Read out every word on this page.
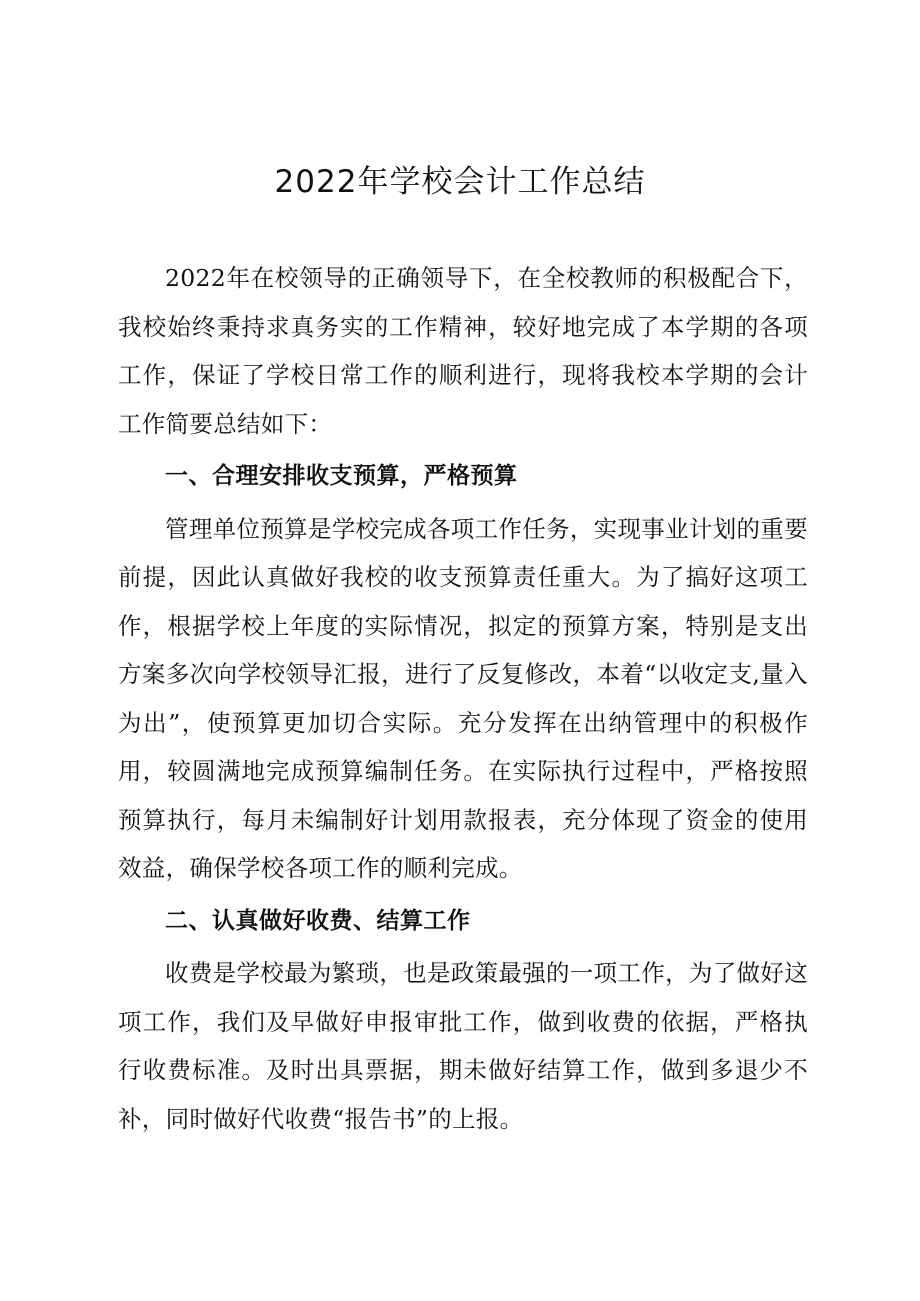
2022年学校会计工作总结

2022年在校领导的正确领导下，在全校教师的积极配合下，我校始终秉持求真务实的工作精神，较好地完成了本学期的各项工作，保证了学校日常工作的顺利进行，现将我校本学期的会计工作简要总结如下：

一、合理安排收支预算，严格预算

管理单位预算是学校完成各项工作任务，实现事业计划的重要前提，因此认真做好我校的收支预算责任重大。为了搞好这项工作，根据学校上年度的实际情况，拟定的预算方案，特别是支出方案多次向学校领导汇报，进行了反复修改，本着“以收定支,量入为出”，使预算更加切合实际。充分发挥在出纳管理中的积极作用，较圆满地完成预算编制任务。在实际执行过程中，严格按照预算执行，每月未编制好计划用款报表，充分体现了资金的使用效益，确保学校各项工作的顺利完成。

二、认真做好收费、结算工作

收费是学校最为繁琐，也是政策最强的一项工作，为了做好这项工作，我们及早做好申报审批工作，做到收费的依据，严格执行收费标准。及时出具票据，期未做好结算工作，做到多退少不补，同时做好代收费“报告书”的上报。
